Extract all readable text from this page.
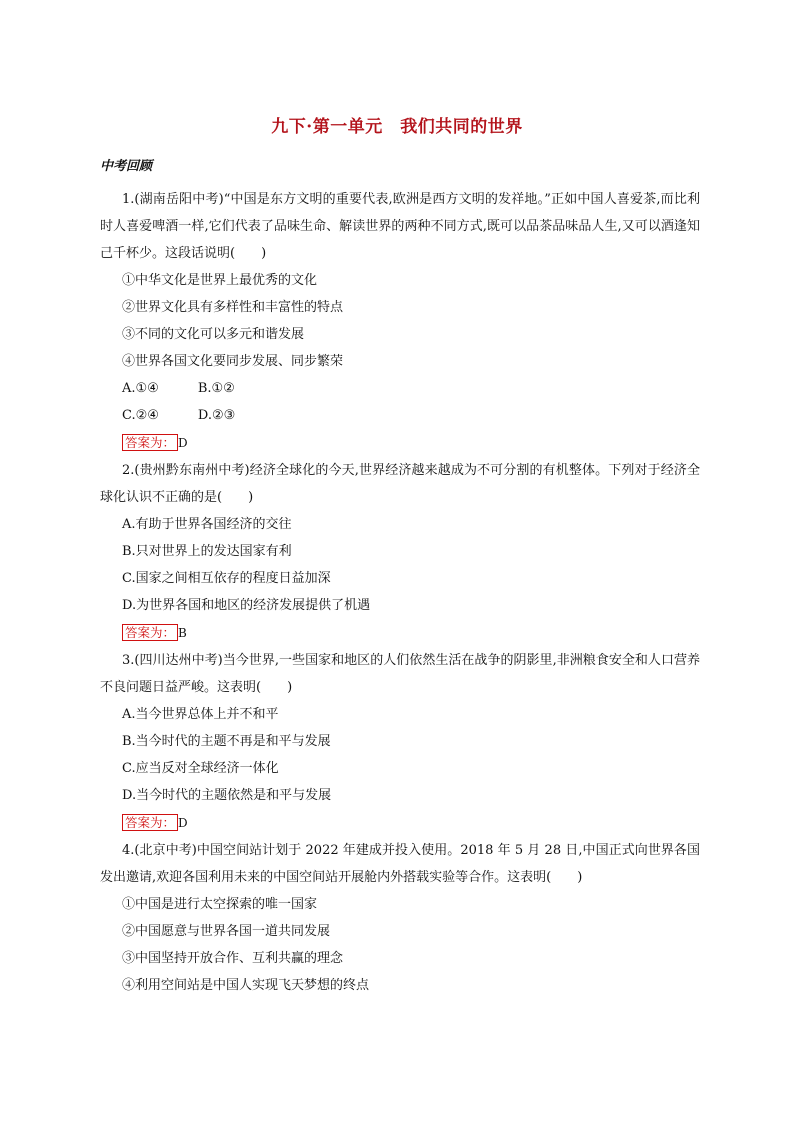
九下·第一单元　我们共同的世界
中考回顾

1.(湖南岳阳中考)“中国是东方文明的重要代表,欧洲是西方文明的发祥地。”正如中国人喜爱茶,而比利时人喜爱啤酒一样,它们代表了品味生命、解读世界的两种不同方式,既可以品茶品味品人生,又可以酒逢知己千杯少。这段话说明(　　)

①中华文化是世界上最优秀的文化

②世界文化具有多样性和丰富性的特点

③不同的文化可以多元和谐发展

④世界各国文化要同步发展、同步繁荣

A.①④　　　B.①②

C.②④　　　D.②③

答案为： D

2.(贵州黔东南州中考)经济全球化的今天,世界经济越来越成为不可分割的有机整体。下列对于经济全球化认识不正确的是(　　)

A.有助于世界各国经济的交往

B.只对世界上的发达国家有利

C.国家之间相互依存的程度日益加深

D.为世界各国和地区的经济发展提供了机遇

答案为： B

3.(四川达州中考)当今世界,一些国家和地区的人们依然生活在战争的阴影里,非洲粮食安全和人口营养不良问题日益严峻。这表明(　　)

A.当今世界总体上并不和平

B.当今时代的主题不再是和平与发展

C.应当反对全球经济一体化

D.当今时代的主题依然是和平与发展

答案为： D

4.(北京中考)中国空间站计划于 2022 年建成并投入使用。2018 年 5 月 28 日,中国正式向世界各国发出邀请,欢迎各国利用未来的中国空间站开展舱内外搭载实验等合作。这表明(　　)

①中国是进行太空探索的唯一国家

②中国愿意与世界各国一道共同发展

③中国坚持开放合作、互利共赢的理念

④利用空间站是中国人实现飞天梦想的终点
